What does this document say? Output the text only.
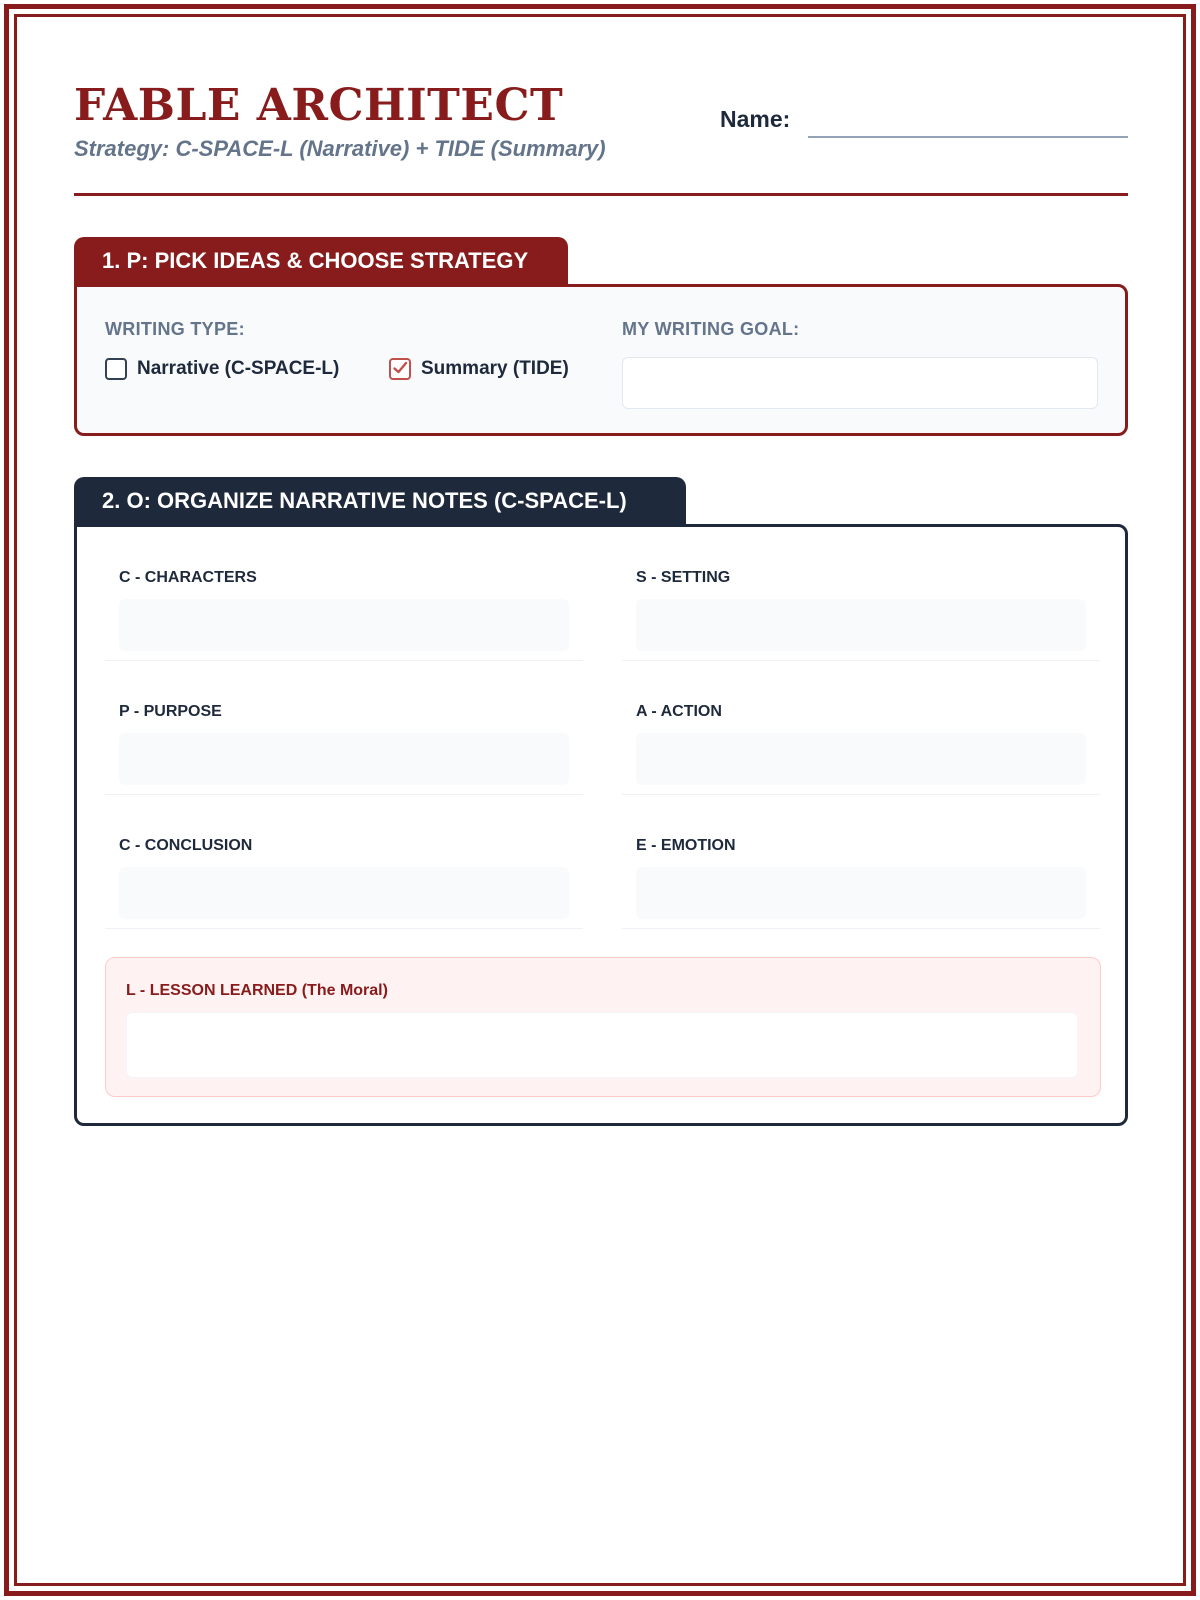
FABLE ARCHITECT
Strategy: C-SPACE-L (Narrative) + TIDE (Summary)
Name:
1. P: PICK IDEAS & CHOOSE STRATEGY
WRITING TYPE:
Narrative (C-SPACE-L)	Summary (TIDE)
MY WRITING GOAL:
2. O: ORGANIZE NARRATIVE NOTES (C-SPACE-L)
C - CHARACTERS	S - SETTING
P - PURPOSE	A - ACTION
C - CONCLUSION	E - EMOTION
L - LESSON LEARNED (The Moral)
